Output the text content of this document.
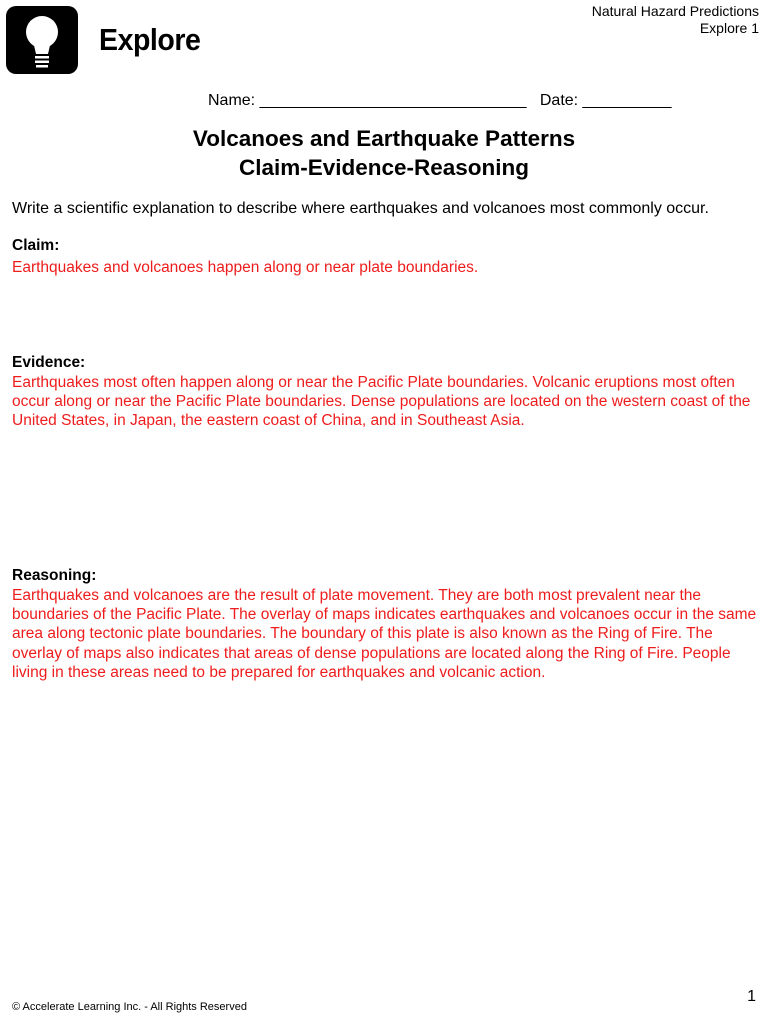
Explore
Natural Hazard Predictions
Explore 1
Name: ______________________________   Date: __________
Volcanoes and Earthquake Patterns
Claim-Evidence-Reasoning
Write a scientific explanation to describe where earthquakes and volcanoes most commonly occur.
Claim:
Earthquakes and volcanoes happen along or near plate boundaries.
Evidence:
Earthquakes most often happen along or near the Pacific Plate boundaries. Volcanic eruptions most often occur along or near the Pacific Plate boundaries. Dense populations are located on the western coast of the United States, in Japan, the eastern coast of China, and in Southeast Asia.
Reasoning:
Earthquakes and volcanoes are the result of plate movement. They are both most prevalent near the boundaries of the Pacific Plate. The overlay of maps indicates earthquakes and volcanoes occur in the same area along tectonic plate boundaries. The boundary of this plate is also known as the Ring of Fire. The overlay of maps also indicates that areas of dense populations are located along the Ring of Fire. People living in these areas need to be prepared for earthquakes and volcanic action.
© Accelerate Learning Inc. - All Rights Reserved
1
